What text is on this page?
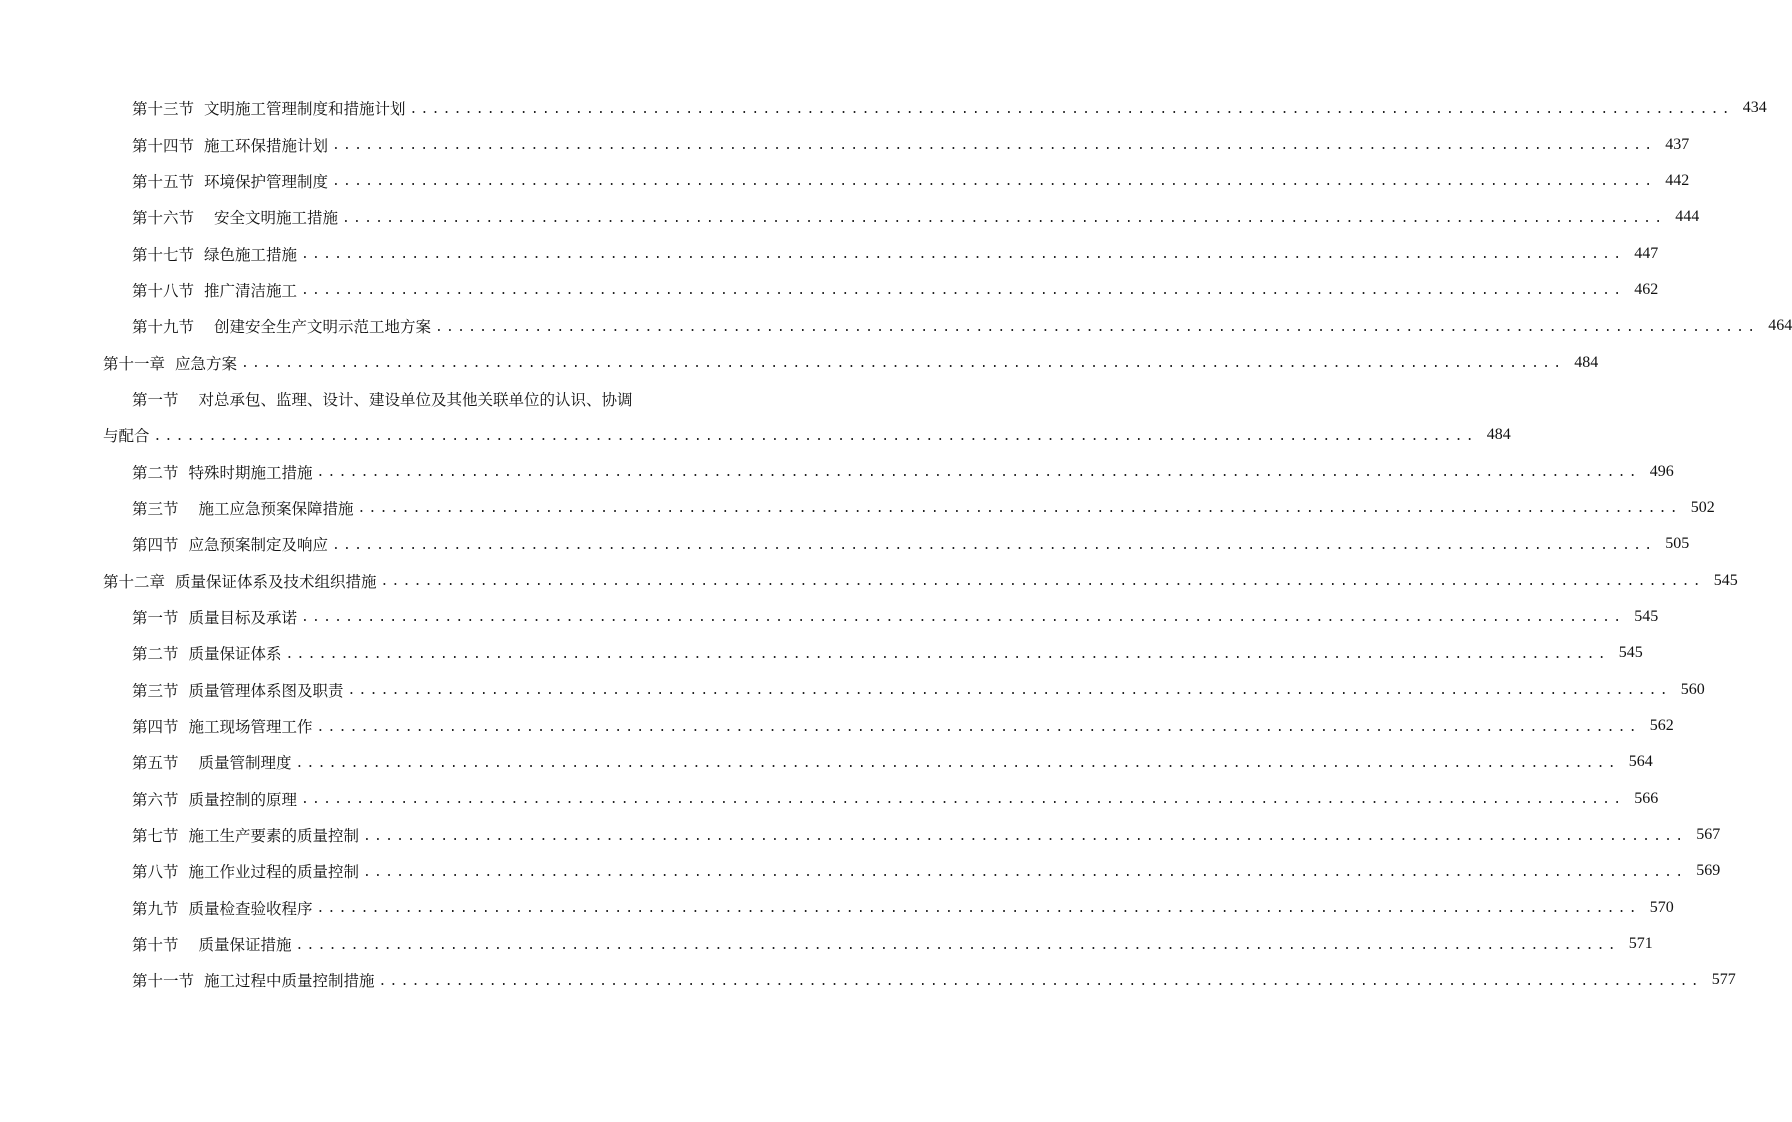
第十三节 文明施工管理制度和措施计划 ........................................................................................................................ 434
第十四节 施工环保措施计划 ........................................................................................................................ 437
第十五节 环境保护管理制度 ........................................................................................................................ 442
第十六节 安全文明施工措施 ........................................................................................................................ 444
第十七节 绿色施工措施 ........................................................................................................................ 447
第十八节 推广清洁施工 ........................................................................................................................ 462
第十九节 创建安全生产文明示范工地方案 ........................................................................................................................ 464
第十一章 应急方案 ........................................................................................................................ 484
第一节 对总承包、监理、设计、建设单位及其他关联单位的认识、协调
与配合 ........................................................................................................................ 484
第二节 特殊时期施工措施 ........................................................................................................................ 496
第三节 施工应急预案保障措施 ........................................................................................................................ 502
第四节 应急预案制定及响应 ........................................................................................................................ 505
第十二章 质量保证体系及技术组织措施 ........................................................................................................................ 545
第一节 质量目标及承诺 ........................................................................................................................ 545
第二节 质量保证体系 ........................................................................................................................ 545
第三节 质量管理体系图及职责 ........................................................................................................................ 560
第四节 施工现场管理工作 ........................................................................................................................ 562
第五节 质量管制理度 ........................................................................................................................ 564
第六节 质量控制的原理 ........................................................................................................................ 566
第七节 施工生产要素的质量控制 ........................................................................................................................ 567
第八节 施工作业过程的质量控制 ........................................................................................................................ 569
第九节 质量检查验收程序 ........................................................................................................................ 570
第十节 质量保证措施 ........................................................................................................................ 571
第十一节 施工过程中质量控制措施 ........................................................................................................................ 577
